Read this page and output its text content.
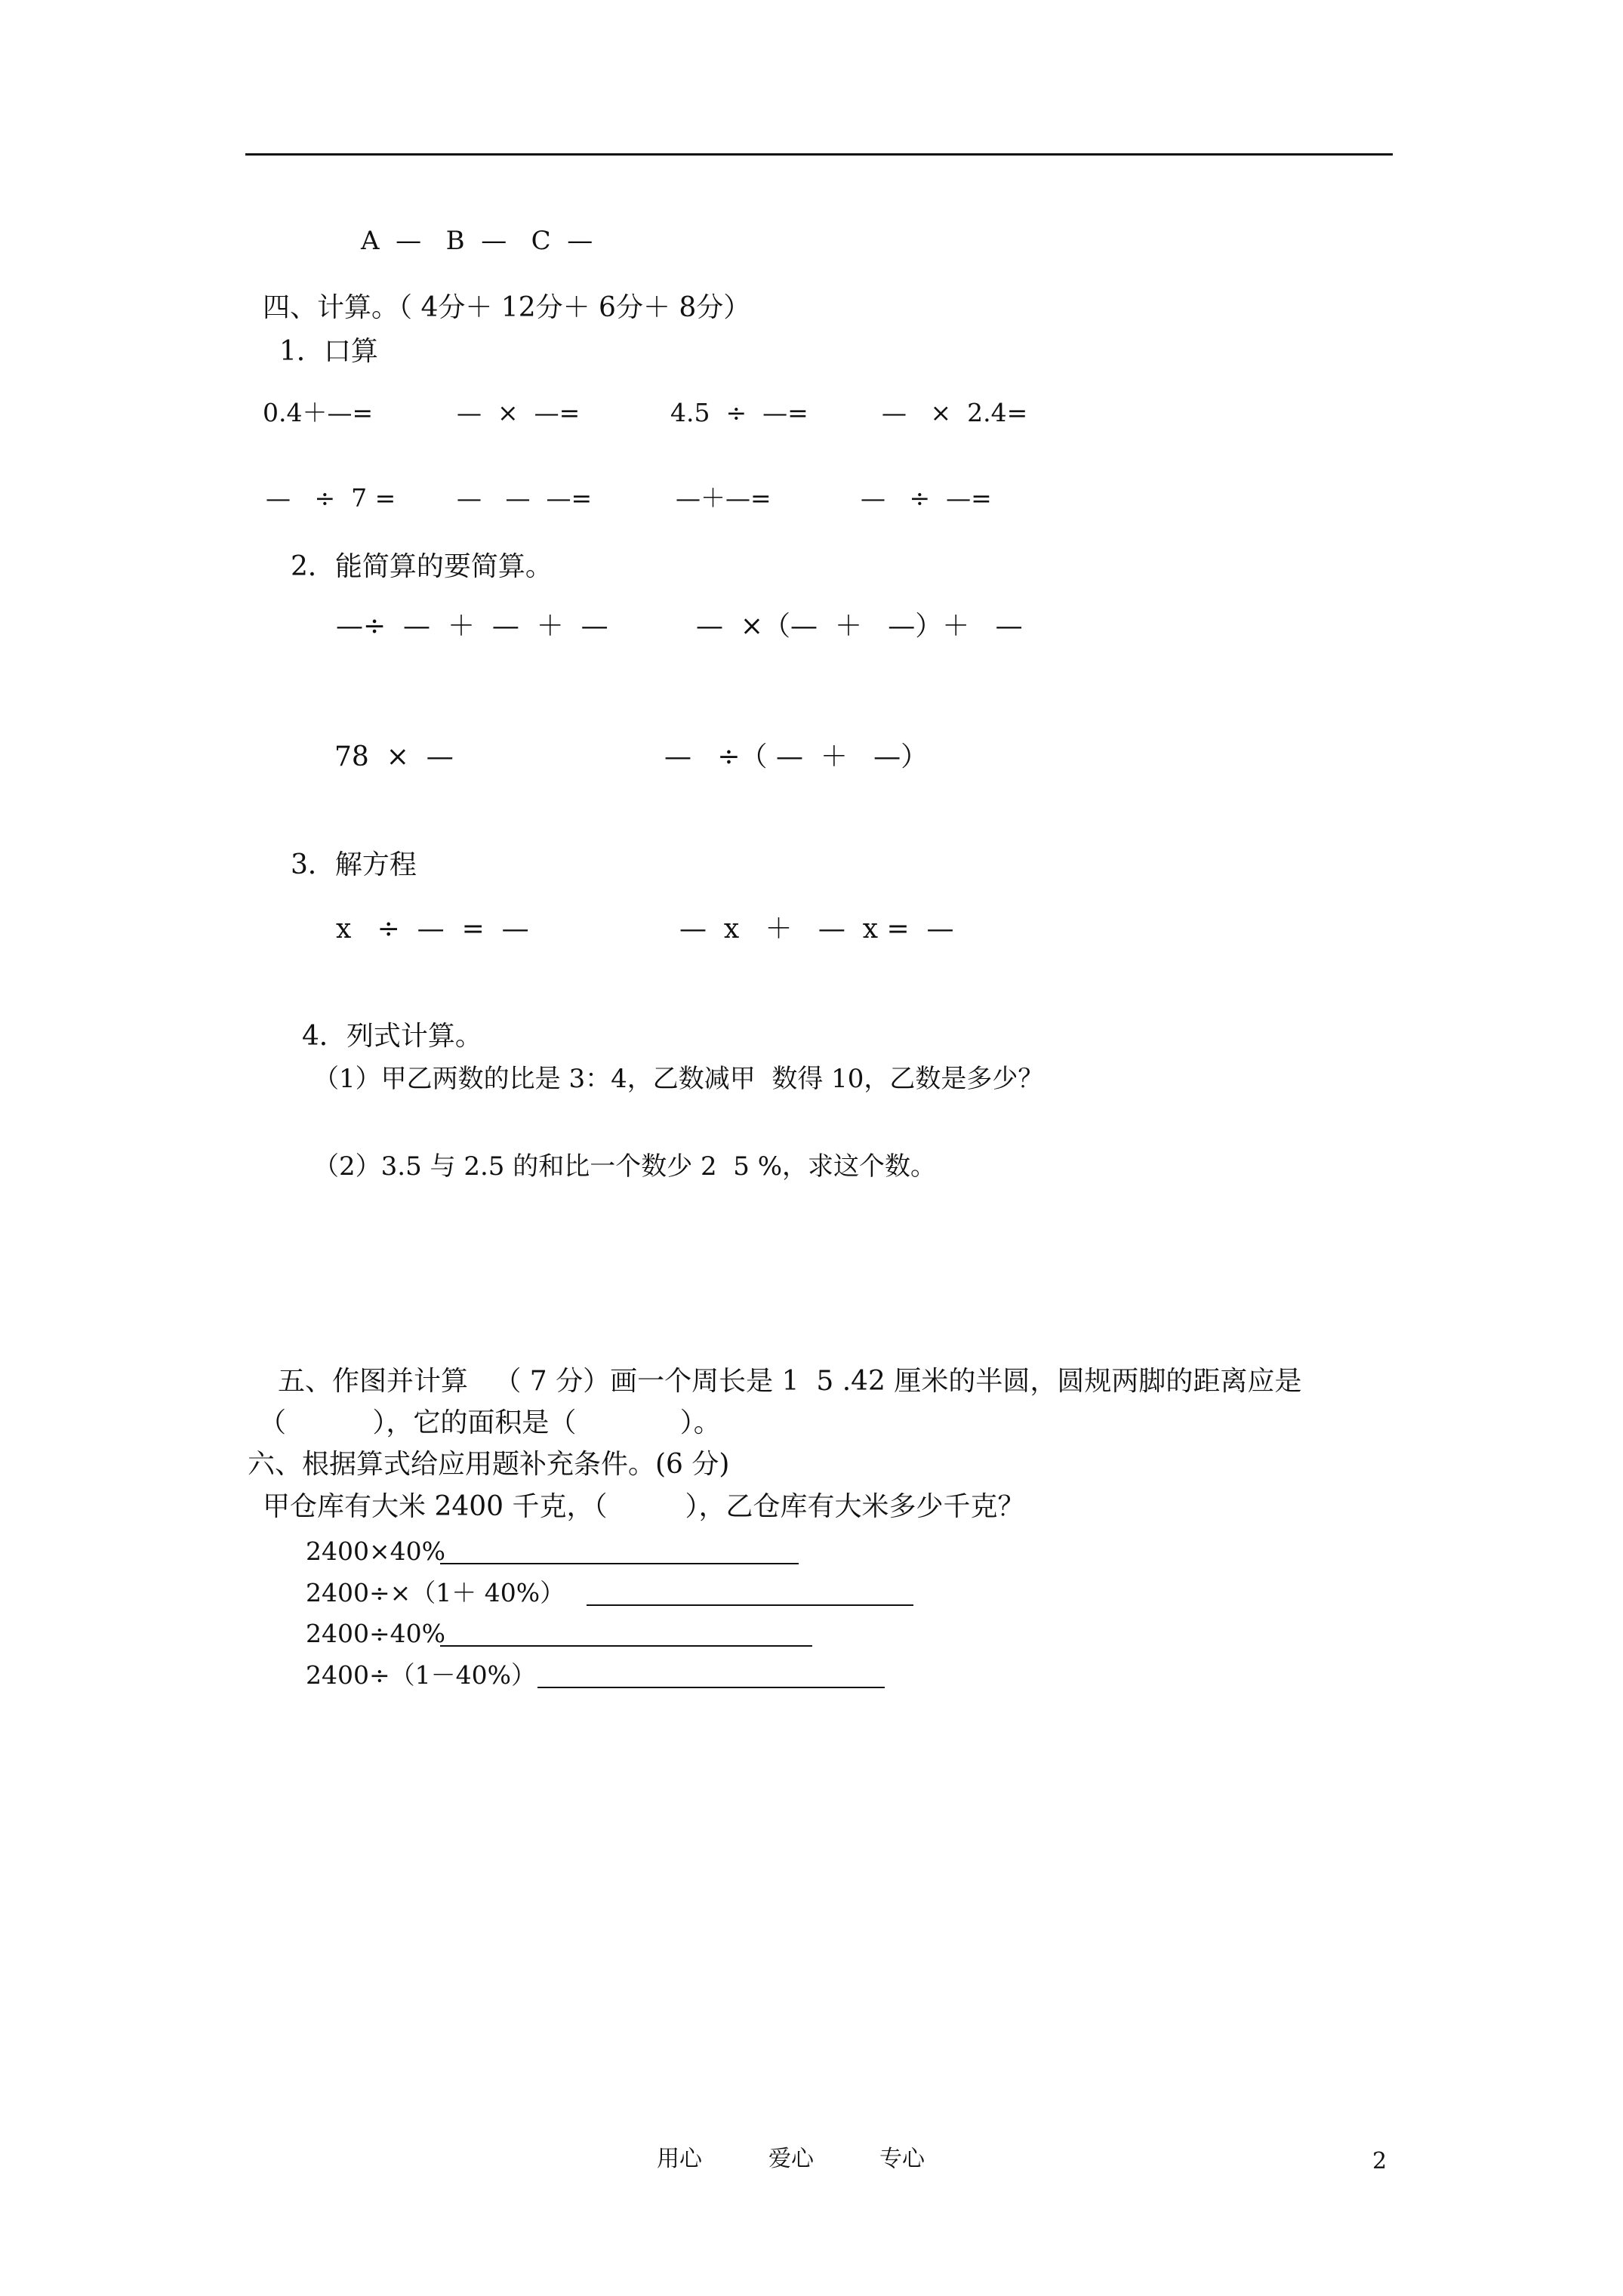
A  —   B  —   C  —
四、计算。（ 4分＋ 12分＋ 6分＋ 8分）
1．口算
0.4＋—=	—  ×  —=	4.5  ÷  —=	—   ×  2.4=
—   ÷  7 = —   —  —=	—＋—=	—   ÷  —=
2．能简算的要简算。
—÷  —  ＋  —  ＋  —	—  ×（—  ＋   —）＋   —
78  ×  —	—   ÷（ —  ＋   —）
3．解方程
x   ÷  —  =  —	—  x   ＋   —  x =  —
4．列式计算。
（1）甲乙两数的比是 3：4，乙数减甲  数得 10，乙数是多少？
（2）3.5 与 2.5 的和比一个数少 2  5 %，求这个数。
五、作图并计算   （ 7 分）画一个周长是 1  5 .42 厘米的半圆，圆规两脚的距离应是
（          ），它的面积是（            ）。
六、根据算式给应用题补充条件。(6 分)
甲仓库有大米 2400 千克，（         ），乙仓库有大米多少千克？
2400×40%
2400÷×（1＋ 40%）
2400÷40%
2400÷（1－40%）
用心	爱心	专心	2
